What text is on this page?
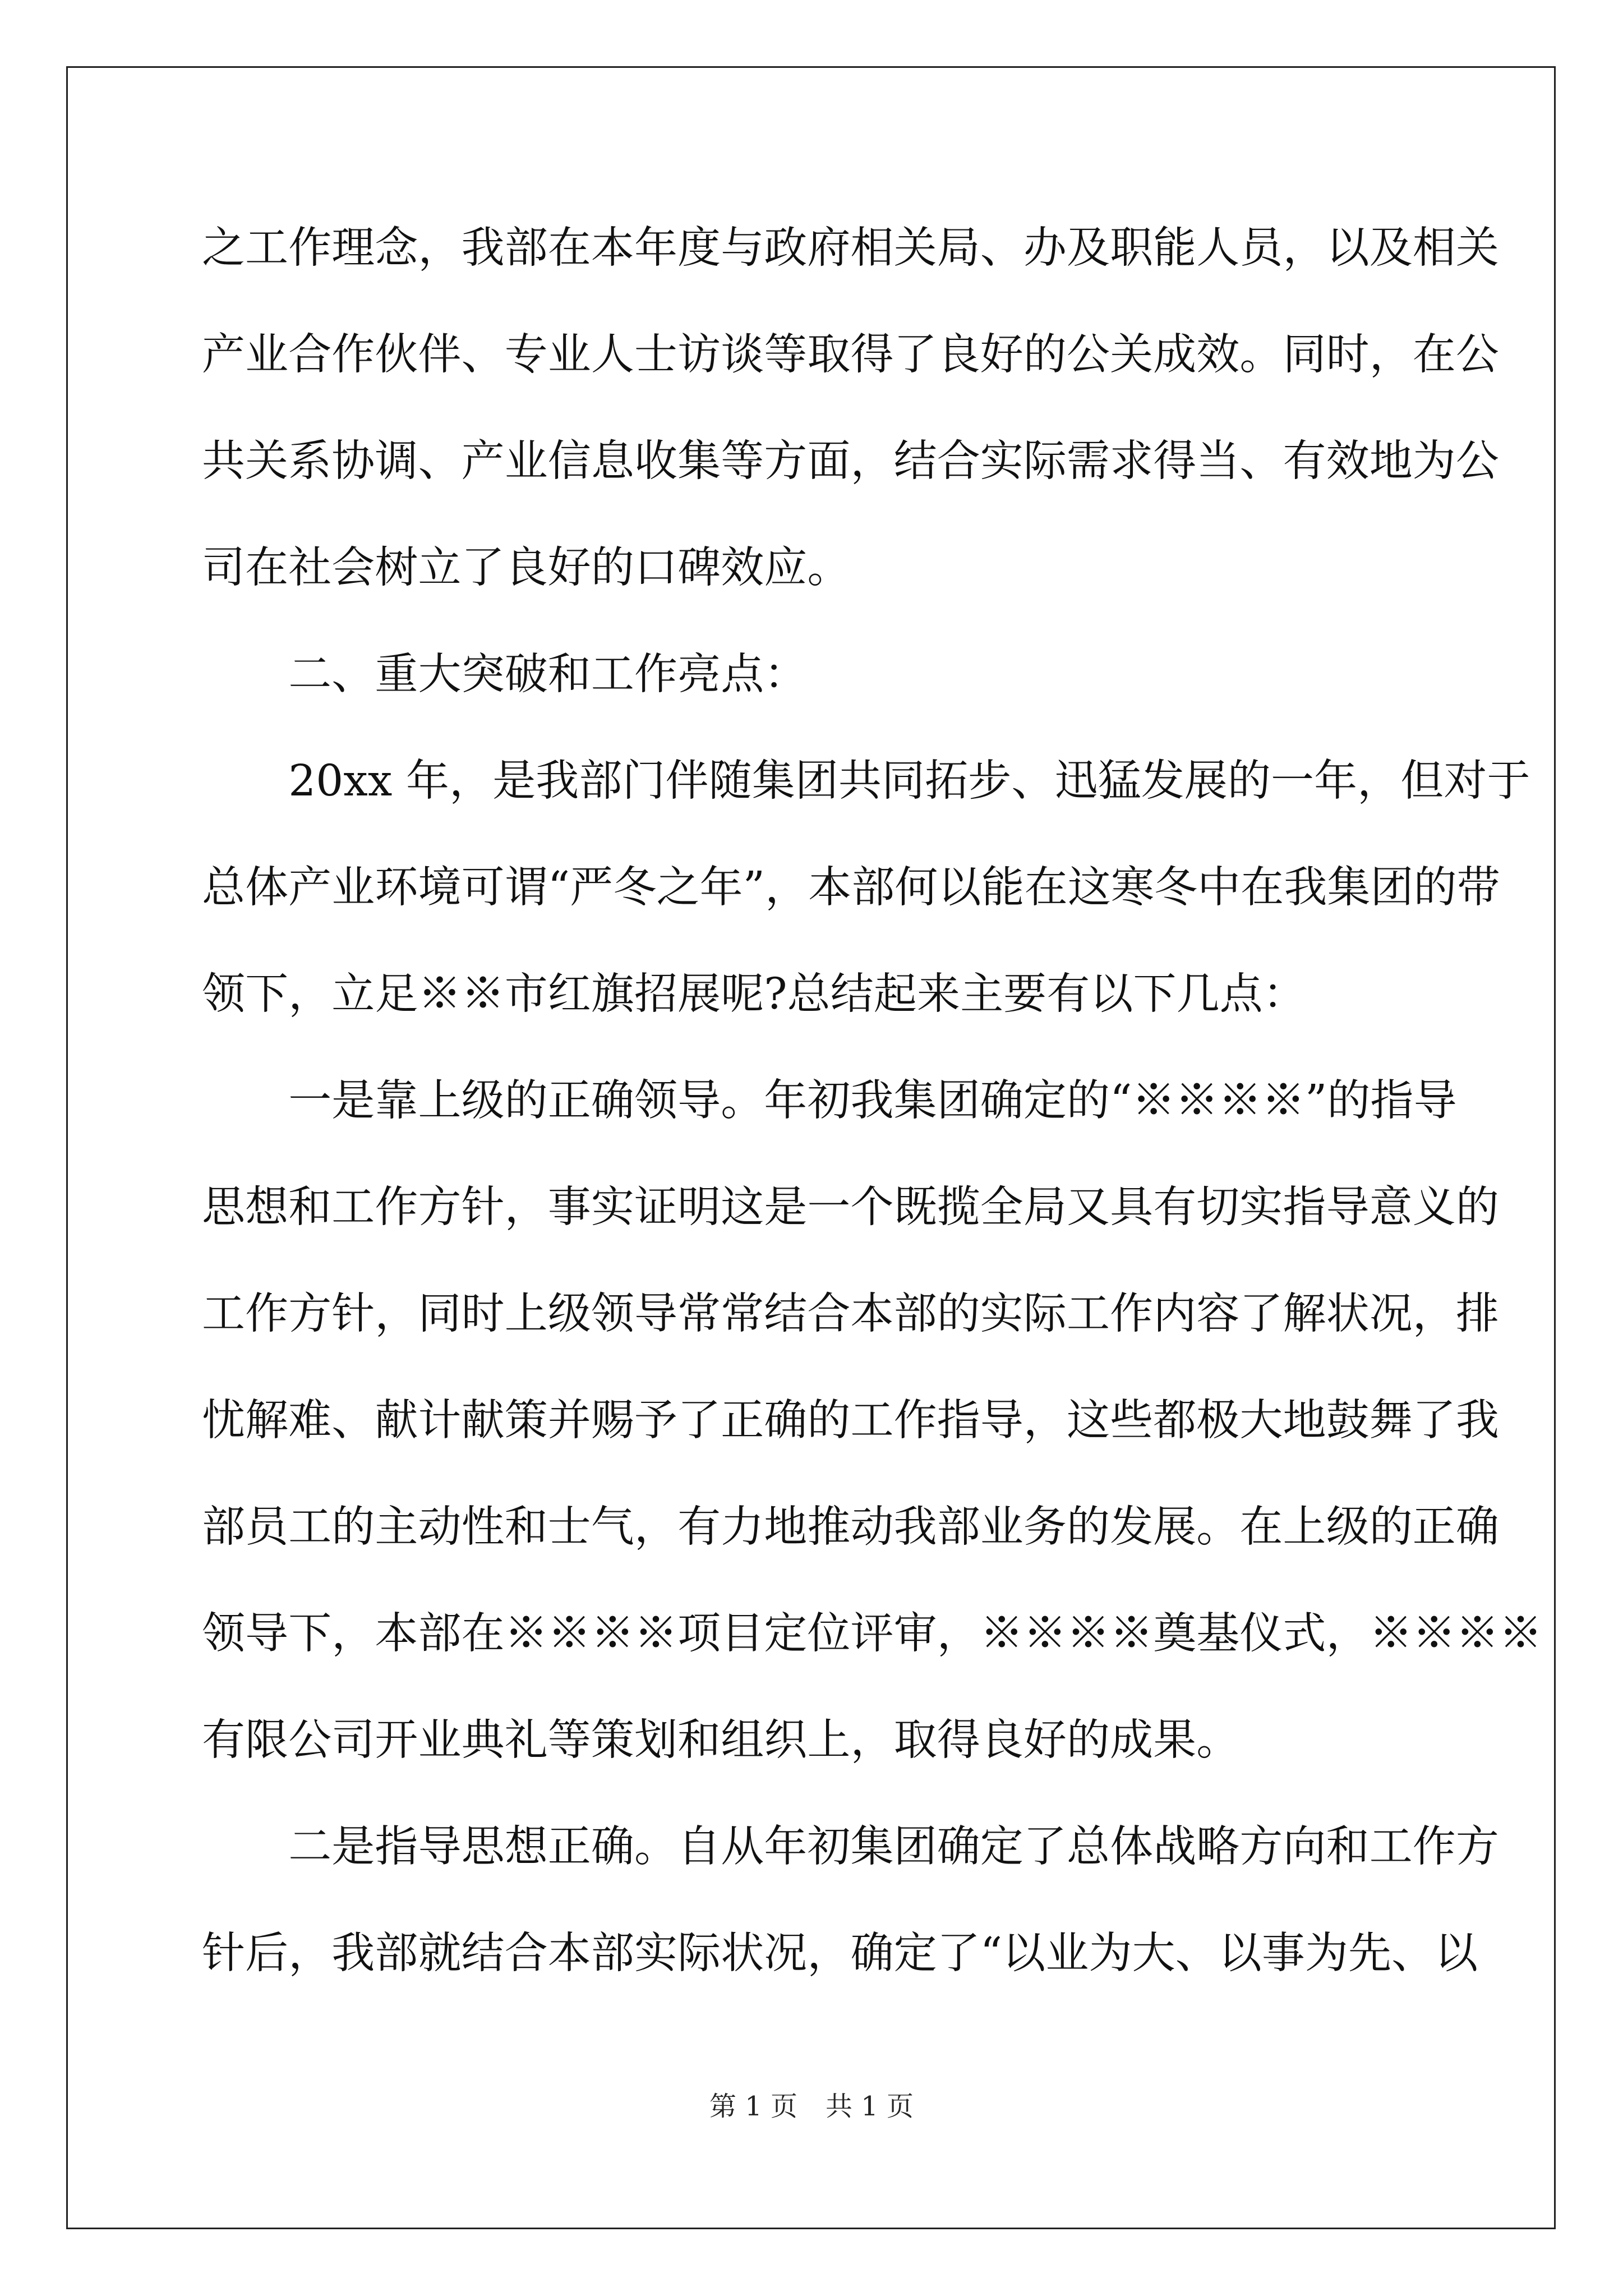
之工作理念，我部在本年度与政府相关局、办及职能人员，以及相关
产业合作伙伴、专业人士访谈等取得了良好的公关成效。同时，在公
共关系协调、产业信息收集等方面，结合实际需求得当、有效地为公
司在社会树立了良好的口碑效应。
　　二、重大突破和工作亮点：
　　20xx 年，是我部门伴随集团共同拓步、迅猛发展的一年，但对于
总体产业环境可谓“严冬之年”，本部何以能在这寒冬中在我集团的带
领下，立足※※市红旗招展呢?总结起来主要有以下几点：
　　一是靠上级的正确领导。年初我集团确定的“※※※※”的指导
思想和工作方针，事实证明这是一个既揽全局又具有切实指导意义的
工作方针，同时上级领导常常结合本部的实际工作内容了解状况，排
忧解难、献计献策并赐予了正确的工作指导，这些都极大地鼓舞了我
部员工的主动性和士气，有力地推动我部业务的发展。在上级的正确
领导下，本部在※※※※项目定位评审，※※※※奠基仪式，※※※※
有限公司开业典礼等策划和组织上，取得良好的成果。
　　二是指导思想正确。自从年初集团确定了总体战略方向和工作方
针后，我部就结合本部实际状况，确定了“以业为大、以事为先、以
第 1 页 共 1 页
